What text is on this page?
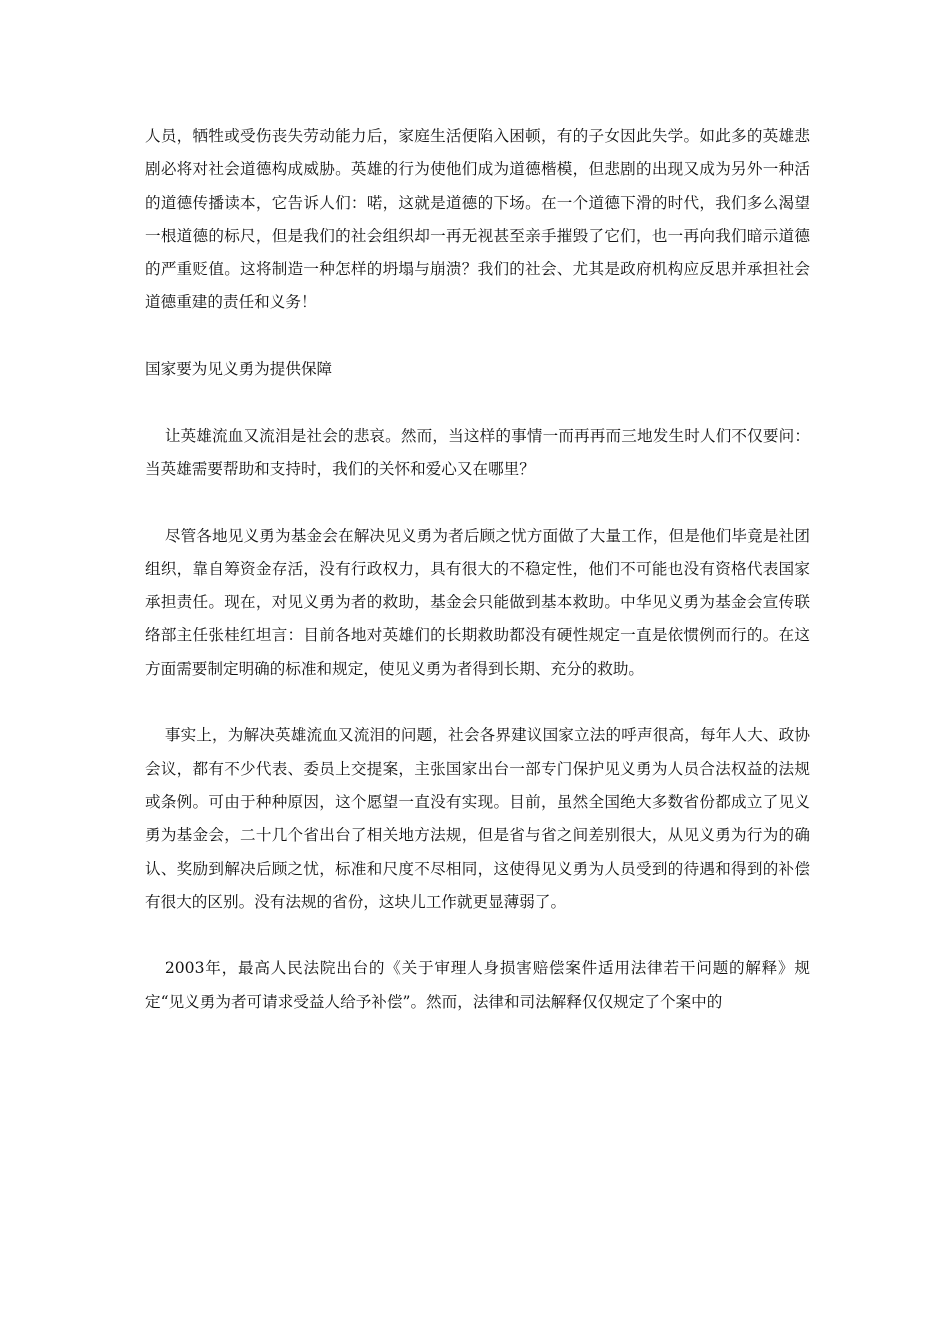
人员，牺牲或受伤丧失劳动能力后，家庭生活便陷入困顿，有的子女因此失学。如此多的英雄悲剧必将对社会道德构成威胁。英雄的行为使他们成为道德楷模，但悲剧的出现又成为另外一种活的道德传播读本，它告诉人们：喏，这就是道德的下场。在一个道德下滑的时代，我们多么渴望一根道德的标尺，但是我们的社会组织却一再无视甚至亲手摧毁了它们，也一再向我们暗示道德的严重贬值。这将制造一种怎样的坍塌与崩溃？我们的社会、尤其是政府机构应反思并承担社会道德重建的责任和义务！

国家要为见义勇为提供保障

让英雄流血又流泪是社会的悲哀。然而，当这样的事情一而再再而三地发生时人们不仅要问：当英雄需要帮助和支持时，我们的关怀和爱心又在哪里？

尽管各地见义勇为基金会在解决见义勇为者后顾之忧方面做了大量工作，但是他们毕竟是社团组织，靠自筹资金存活，没有行政权力，具有很大的不稳定性，他们不可能也没有资格代表国家承担责任。现在，对见义勇为者的救助，基金会只能做到基本救助。中华见义勇为基金会宣传联络部主任张桂红坦言：目前各地对英雄们的长期救助都没有硬性规定一直是依惯例而行的。在这方面需要制定明确的标准和规定，使见义勇为者得到长期、充分的救助。

事实上，为解决英雄流血又流泪的问题，社会各界建议国家立法的呼声很高，每年人大、政协会议，都有不少代表、委员上交提案，主张国家出台一部专门保护见义勇为人员合法权益的法规或条例。可由于种种原因，这个愿望一直没有实现。目前，虽然全国绝大多数省份都成立了见义勇为基金会，二十几个省出台了相关地方法规，但是省与省之间差别很大，从见义勇为行为的确认、奖励到解决后顾之忧，标准和尺度不尽相同，这使得见义勇为人员受到的待遇和得到的补偿有很大的区别。没有法规的省份，这块儿工作就更显薄弱了。

2003年，最高人民法院出台的《关于审理人身损害赔偿案件适用法律若干问题的解释》规定“见义勇为者可请求受益人给予补偿”。然而，法律和司法解释仅仅规定了个案中的
